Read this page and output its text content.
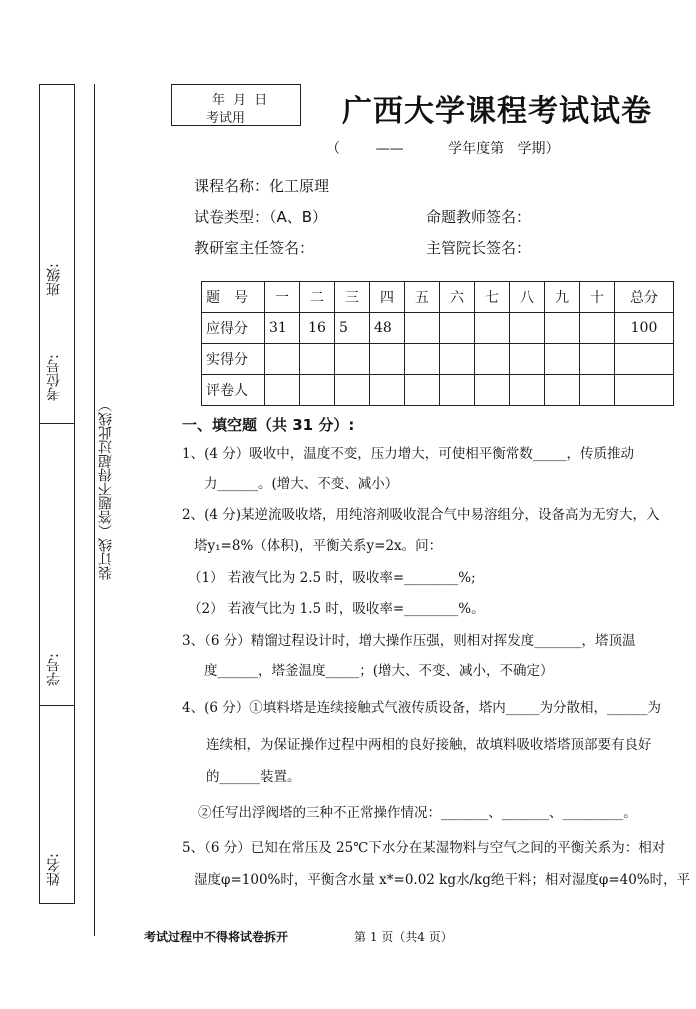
班级:
考位号:
学号:
姓名:
装订线（答题不得超过此线）
年 月 日
考试用	广西大学课程考试试卷
（        ——          学年度第   学期）
课程名称：化工原理
试卷类型：（A、B）	命题教师签名：
教研室主任签名：	主管院长签名：
题　号	一	二	三	四	五	六	七	八	九	十	总分
应得分	31	16	5	48							100
实得分											
评卷人											
一、填空题（共 31 分）:
1、(4 分）吸收中，温度不变，压力增大，可使相平衡常数_____，传质推动
力______。(增大、不变、减小）
2、(4 分)某逆流吸收塔，用纯溶剂吸收混合气中易溶组分，设备高为无穷大，入
塔y₁=8%（体积)，平衡关系y=2x。问：
（1） 若液气比为 2.5 时，吸收率=________%;
（2） 若液气比为 1.5 时，吸收率=________%。
3、（6 分）精馏过程设计时，增大操作压强，则相对挥发度_______，塔顶温
度______，塔釜温度_____；(增大、不变、减小，不确定）
4、(6 分）①填料塔是连续接触式气液传质设备，塔内_____为分散相，______为
连续相，为保证操作过程中两相的良好接触，故填料吸收塔塔顶部要有良好
的______装置。
②任写出浮阀塔的三种不正常操作情况：_______、_______、_________。
5、（6 分）已知在常压及 25℃下水分在某湿物料与空气之间的平衡关系为：相对
湿度φ=100%时，平衡含水量 x*=0.02 kg水/kg绝干料；相对湿度φ=40%时，平
考试过程中不得将试卷拆开	第 1 页（共4 页）
